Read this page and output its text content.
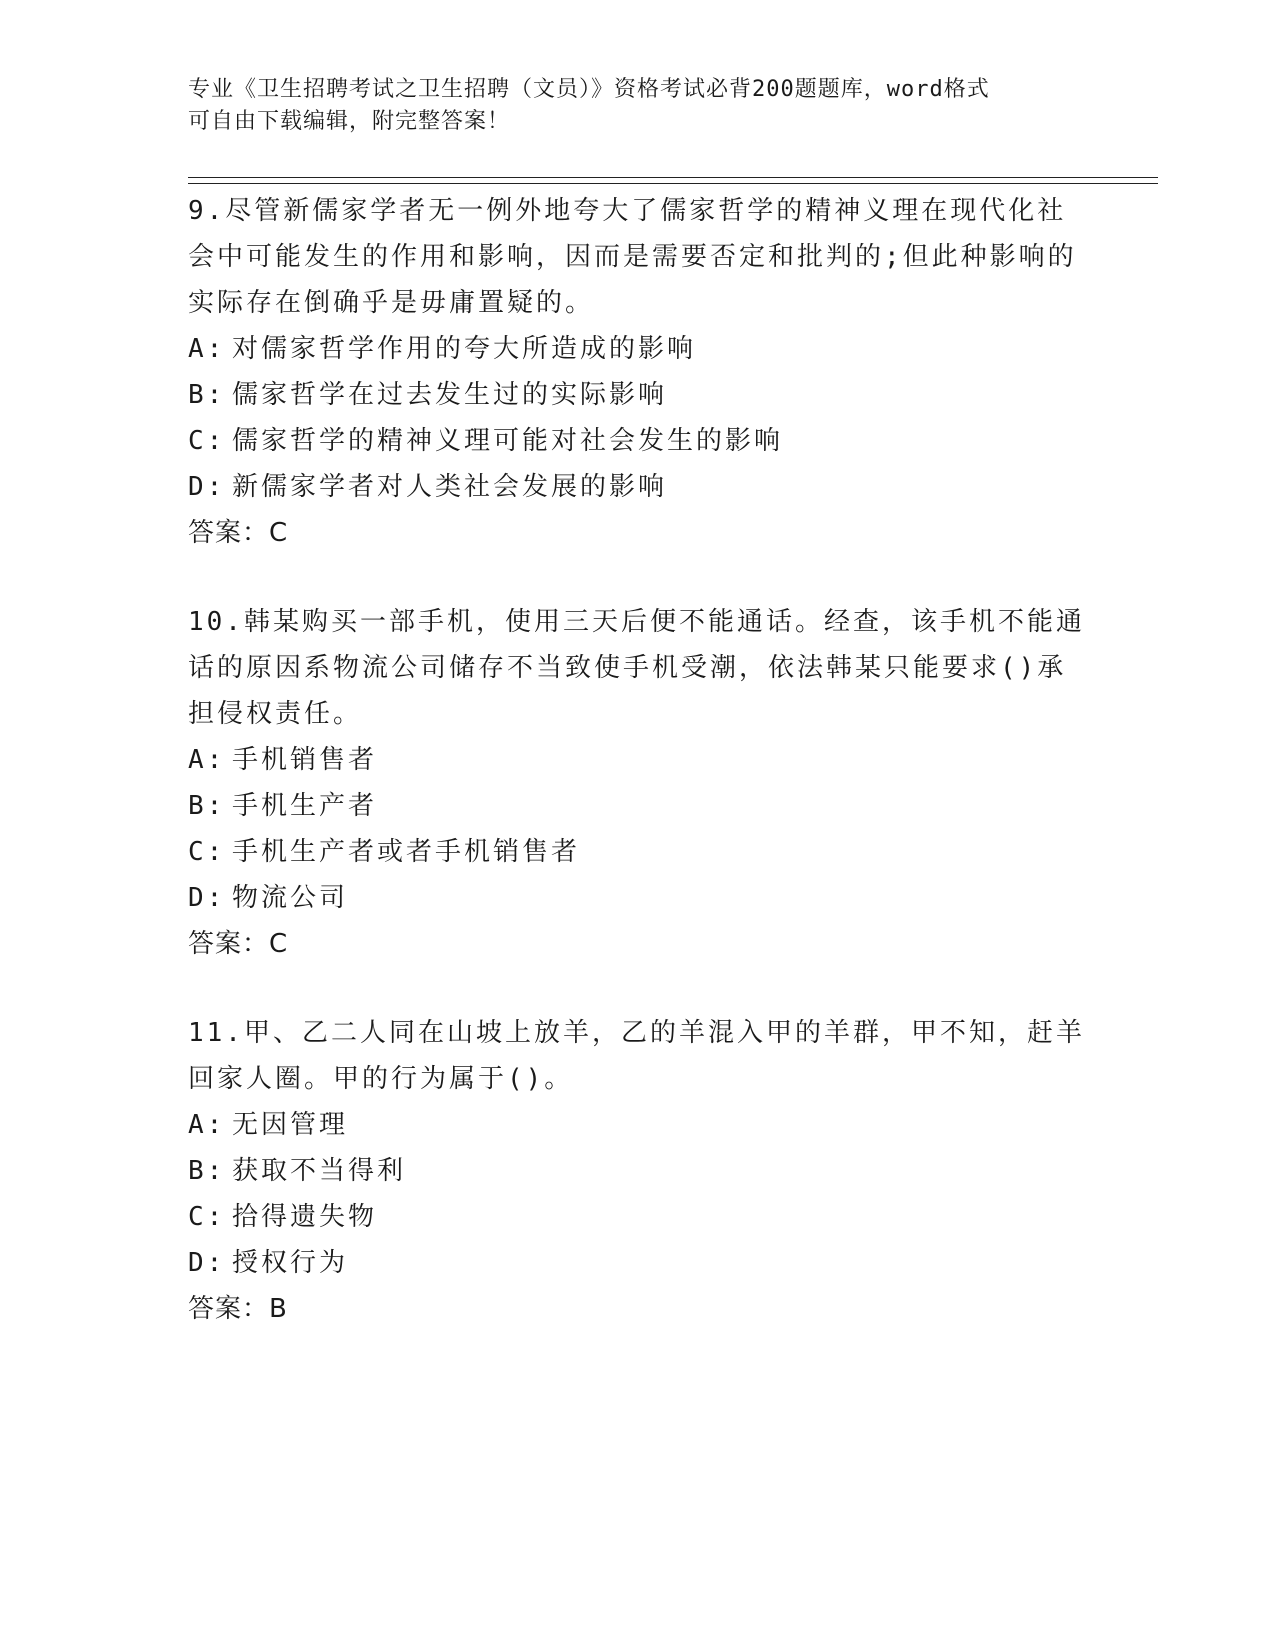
专业《卫生招聘考试之卫生招聘（文员）》资格考试必背200题题库，word格式
可自由下载编辑，附完整答案！
9.尽管新儒家学者无一例外地夸大了儒家哲学的精神义理在现代化社
会中可能发生的作用和影响，因而是需要否定和批判的;但此种影响的
实际存在倒确乎是毋庸置疑的。
A: 对儒家哲学作用的夸大所造成的影响
B: 儒家哲学在过去发生过的实际影响
C: 儒家哲学的精神义理可能对社会发生的影响
D: 新儒家学者对人类社会发展的影响
答案：C
10.韩某购买一部手机，使用三天后便不能通话。经查，该手机不能通
话的原因系物流公司储存不当致使手机受潮，依法韩某只能要求()承
担侵权责任。
A: 手机销售者
B: 手机生产者
C: 手机生产者或者手机销售者
D: 物流公司
答案：C
11.甲、乙二人同在山坡上放羊，乙的羊混入甲的羊群，甲不知，赶羊
回家人圈。甲的行为属于()。
A: 无因管理
B: 获取不当得利
C: 拾得遗失物
D: 授权行为
答案：B
